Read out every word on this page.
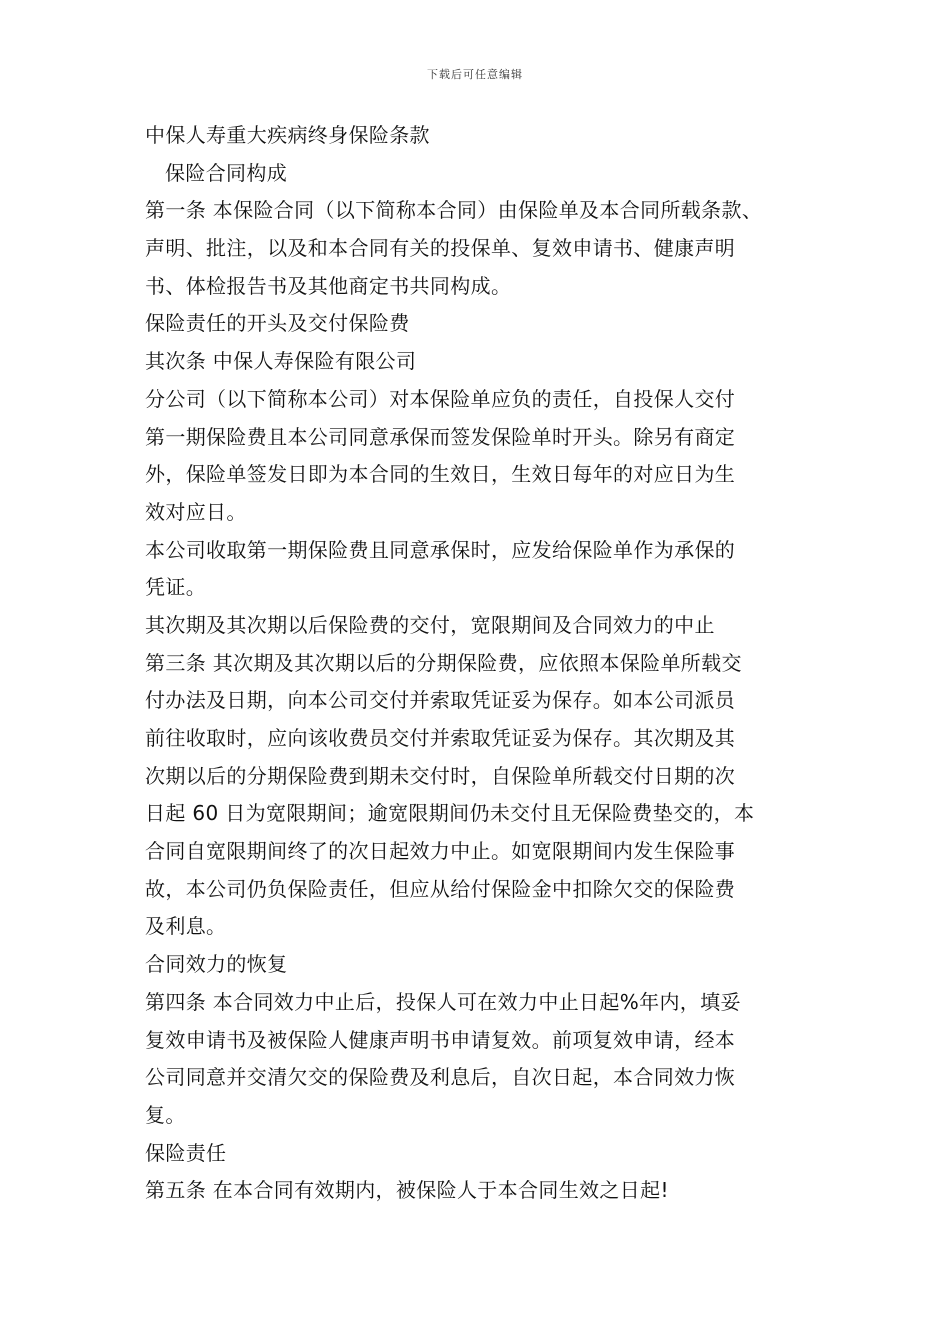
下载后可任意编辑
中保人寿重大疾病终身保险条款
保险合同构成
第一条 本保险合同（以下简称本合同）由保险单及本合同所载条款、
声明、批注，以及和本合同有关的投保单、复效申请书、健康声明
书、体检报告书及其他商定书共同构成。
保险责任的开头及交付保险费
其次条 中保人寿保险有限公司
分公司（以下简称本公司）对本保险单应负的责任，自投保人交付
第一期保险费且本公司同意承保而签发保险单时开头。除另有商定
外，保险单签发日即为本合同的生效日，生效日每年的对应日为生
效对应日。
本公司收取第一期保险费且同意承保时，应发给保险单作为承保的
凭证。
其次期及其次期以后保险费的交付，宽限期间及合同效力的中止
第三条 其次期及其次期以后的分期保险费，应依照本保险单所载交
付办法及日期，向本公司交付并索取凭证妥为保存。如本公司派员
前往收取时，应向该收费员交付并索取凭证妥为保存。其次期及其
次期以后的分期保险费到期未交付时，自保险单所载交付日期的次
日起 60 日为宽限期间；逾宽限期间仍未交付且无保险费垫交的，本
合同自宽限期间终了的次日起效力中止。如宽限期间内发生保险事
故，本公司仍负保险责任，但应从给付保险金中扣除欠交的保险费
及利息。
合同效力的恢复
第四条 本合同效力中止后，投保人可在效力中止日起%年内，填妥
复效申请书及被保险人健康声明书申请复效。前项复效申请，经本
公司同意并交清欠交的保险费及利息后，自次日起，本合同效力恢
复。
保险责任
第五条 在本合同有效期内，被保险人于本合同生效之日起!
